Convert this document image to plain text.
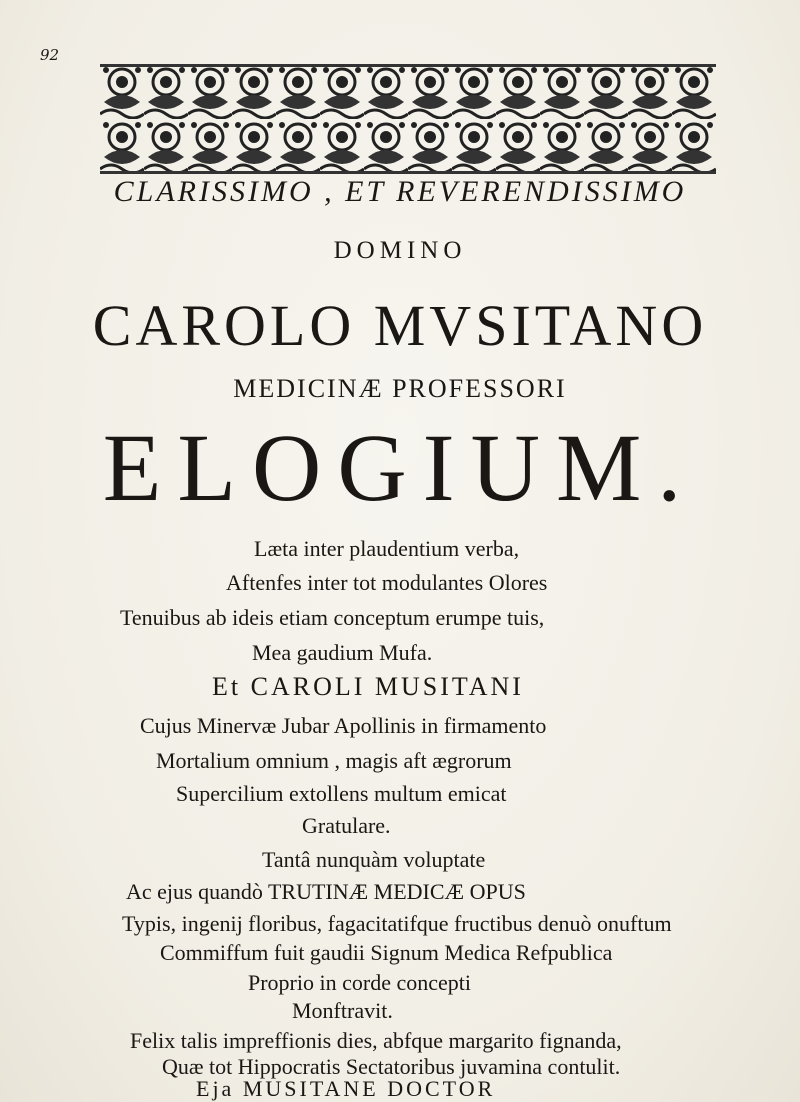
92
CLARISSIMO , ET REVERENDISSIMO
DOMINO
CAROLO MVSITANO
MEDICINÆ PROFESSORI
ELOGIUM.
Læta inter plaudentium verba,
Aftenfes inter tot modulantes Olores
Tenuibus ab ideis etiam conceptum erumpe tuis,
Mea gaudium Mufa.
Et CAROLI MUSITANI
Cujus Minervæ Jubar Apollinis in firmamento
Mortalium omnium , magis aft ægrorum
Supercilium extollens multum emicat
Gratulare.
Tantâ nunquàm voluptate
Ac ejus quandò TRUTINÆ MEDICÆ OPUS
Typis, ingenij floribus, fagacitatifque fructibus denuò onuftum
Commiffum fuit gaudii Signum Medica Refpublica
Proprio in corde concepti
Monftravit.
Felix talis impreffionis dies, abfque margarito fignanda,
Quæ tot Hippocratis Sectatoribus juvamina contulit.
Eja MUSITANE DOCTOR
